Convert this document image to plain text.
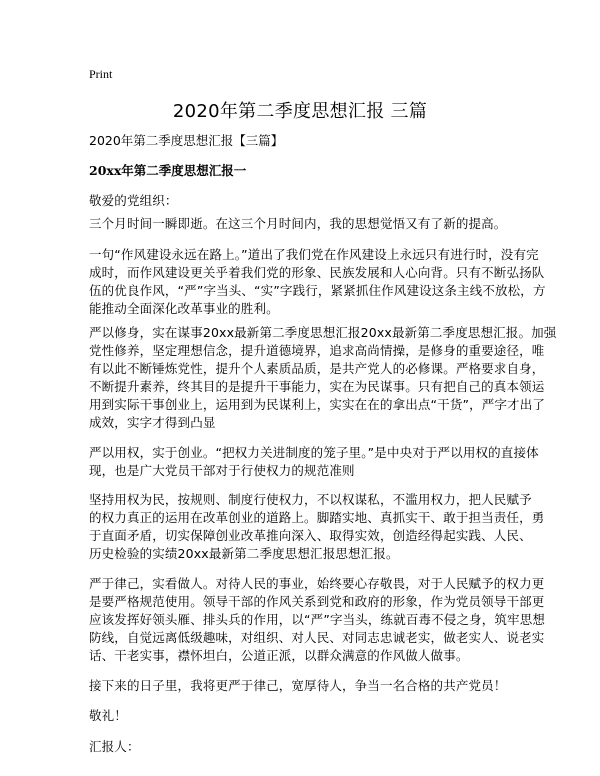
Print
2020年第二季度思想汇报 三篇
2020年第二季度思想汇报【三篇】
20xx年第二季度思想汇报一
敬爱的党组织：
三个月时间一瞬即逝。在这三个月时间内，我的思想觉悟又有了新的提高。
一句“作风建设永远在路上。”道出了我们党在作风建设上永远只有进行时，没有完
成时，而作风建设更关乎着我们党的形象、民族发展和人心向背。只有不断弘扬队
伍的优良作风，“严”字当头、“实”字践行，紧紧抓住作风建设这条主线不放松，方
能推动全面深化改革事业的胜利。
严以修身，实在谋事20xx最新第二季度思想汇报20xx最新第二季度思想汇报。加强
党性修养，坚定理想信念，提升道德境界，追求高尚情操，是修身的重要途径，唯
有以此不断锤炼党性，提升个人素质品质，是共产党人的必修课。严格要求自身，
不断提升素养，终其目的是提升干事能力，实在为民谋事。只有把自己的真本领运
用到实际干事创业上，运用到为民谋利上，实实在在的拿出点“干货”，严字才出了
成效，实字才得到凸显
严以用权，实于创业。“把权力关进制度的笼子里。”是中央对于严以用权的直接体
现，也是广大党员干部对于行使权力的规范准则
坚持用权为民，按规则、制度行使权力，不以权谋私，不滥用权力，把人民赋予
的权力真正的运用在改革创业的道路上。脚踏实地、真抓实干、敢于担当责任，勇
于直面矛盾，切实保障创业改革推向深入、取得实效，创造经得起实践、人民、
历史检验的实绩20xx最新第二季度思想汇报思想汇报。
严于律己，实看做人。对待人民的事业，始终要心存敬畏，对于人民赋予的权力更
是要严格规范使用。领导干部的作风关系到党和政府的形象，作为党员领导干部更
应该发挥好领头雁、排头兵的作用，以“严”字当头，练就百毒不侵之身，筑牢思想
防线，自觉远离低级趣味，对组织、对人民、对同志忠诚老实，做老实人、说老实
话、干老实事，襟怀坦白，公道正派，以群众满意的作风做人做事。
接下来的日子里，我将更严于律己，宽厚待人，争当一名合格的共产党员！
敬礼！
汇报人：
